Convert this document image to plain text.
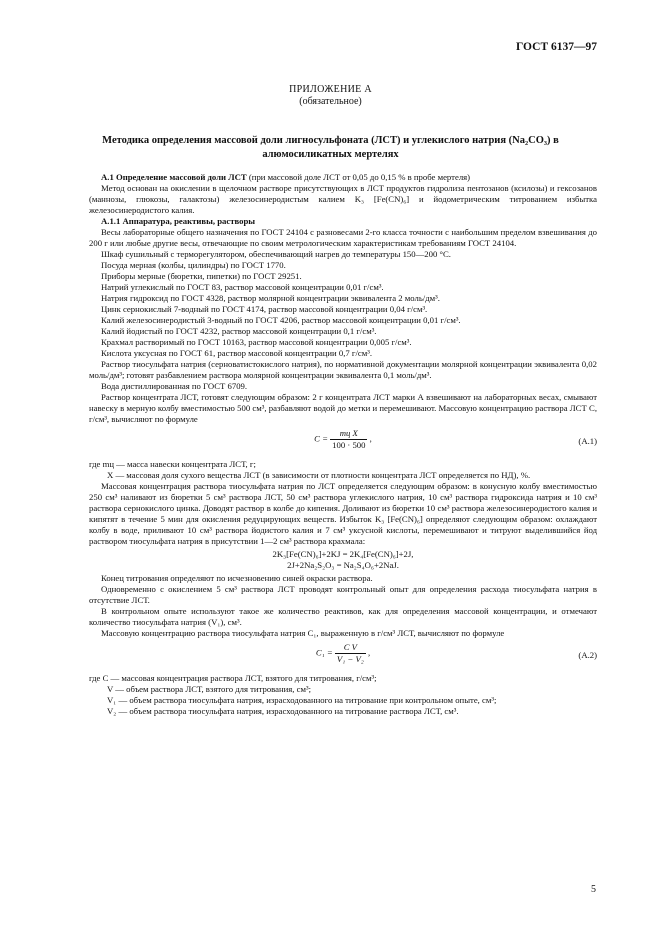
ГОСТ 6137—97
ПРИЛОЖЕНИЕ А
(обязательное)
Методика определения массовой доли лигносульфоната (ЛСТ) и углекислого натрия (Na₂CO₃) в алюмосиликатных мертелях

А.1 Определение массовой доли ЛСТ (при массовой доле ЛСТ от 0,05 до 0,15 % в пробе мертеля)

Метод основан на окислении в щелочном растворе присутствующих в ЛСТ продуктов гидролиза пентозанов (ксилозы) и гексозанов (маннозы, глюкозы, галактозы) железосинеродистым калием K₃ [Fe(CN)₆] и йодометрическим титрованием избытка железосинеродистого калия.

А.1.1 Аппаратура, реактивы, растворы

Весы лабораторные общего назначения по ГОСТ 24104 с разновесами 2-го класса точности с наибольшим пределом взвешивания до 200 г или любые другие весы, отвечающие по своим метрологическим характеристикам требованиям ГОСТ 24104.

Шкаф сушильный с терморегулятором, обеспечивающий нагрев до температуры 150—200 °С.

Посуда мерная (колбы, цилиндры) по ГОСТ 1770.

Приборы мерные (бюретки, пипетки) по ГОСТ 29251.

Натрий углекислый по ГОСТ 83, раствор массовой концентрации 0,01 г/см³.

Натрия гидроксид по ГОСТ 4328, раствор молярной концентрации эквивалента 2 моль/дм³.

Цинк сернокислый 7-водный по ГОСТ 4174, раствор массовой концентрации 0,04 г/см³.

Калий железосинеродистый 3-водный по ГОСТ 4206, раствор массовой концентрации 0,01 г/см³.

Калий йодистый по ГОСТ 4232, раствор массовой концентрации 0,1 г/см³.

Крахмал растворимый по ГОСТ 10163, раствор массовой концентрации 0,005 г/см³.

Кислота уксусная по ГОСТ 61, раствор массовой концентрации 0,7 г/см³.

Раствор тиосульфата натрия (серноватистокислого натрия), по нормативной документации молярной концентрации эквивалента 0,02 моль/дм³; готовят разбавлением раствора молярной концентрации эквивалента 0,1 моль/дм³.

Вода дистиллированная по ГОСТ 6709.

Раствор концентрата ЛСТ, готовят следующим образом: 2 г концентрата ЛСТ марки А взвешивают на лабораторных весах, смывают навеску в мерную колбу вместимостью 500 см³, разбавляют водой до метки и перемешивают. Массовую концентрацию раствора ЛСТ C, г/см³, вычисляют по формуле

$C = \frac{\text{mц X}}{100 \cdot 500}$ ,	(А.1)

где mц — масса навески концентрата ЛСТ, г;

X — массовая доля сухого вещества ЛСТ (в зависимости от плотности концентрата ЛСТ определяется по НД), %.

Массовая концентрация раствора тиосульфата натрия по ЛСТ определяется следующим образом: в конусную колбу вместимостью 250 см³ наливают из бюретки 5 см³ раствора ЛСТ, 50 см³ раствора углекислого натрия, 10 см³ раствора гидроксида натрия и 10 см³ раствора сернокислого цинка. Доводят раствор в колбе до кипения. Доливают из бюретки 10 см³ раствора железосинеродистого калия и кипятят в течение 5 мин для окисления редуцирующих веществ. Избыток K₃ [Fe(CN)₆] определяют следующим образом: охлаждают колбу в воде, приливают 10 см³ раствора йодистого калия и 7 см³ уксусной кислоты, перемешивают и титруют выделившийся йод раствором тиосульфата натрия в присутствии 1—2 см³ раствора крахмала:

2K₃[Fe(CN)₆]+2KJ = 2K₄[Fe(CN)₆]+2J,
2J+2Na₂S₂O₃ = Na₂S₄O₆+2NaJ.

Конец титрования определяют по исчезновению синей окраски раствора.

Одновременно с окислением 5 см³ раствора ЛСТ проводят контрольный опыт для определения расхода тиосульфата натрия в отсутствие ЛСТ.

В контрольном опыте используют такое же количество реактивов, как для определения массовой концентрации, и отмечают количество тиосульфата натрия (V₁), см³.

Массовую концентрацию раствора тиосульфата натрия C₁, выраженную в г/см³ ЛСТ, вычисляют по формуле

$C_1 = \frac{\text{C V}}{\text{V₁ − V₂}}$ ,	(А.2)

где C — массовая концентрация раствора ЛСТ, взятого для титрования, г/см³;

V — объем раствора ЛСТ, взятого для титрования, см³;

V₁ — объем раствора тиосульфата натрия, израсходованного на титрование при контрольном опыте, см³;

V₂ — объем раствора тиосульфата натрия, израсходованного на титрование раствора ЛСТ, см³.

5
